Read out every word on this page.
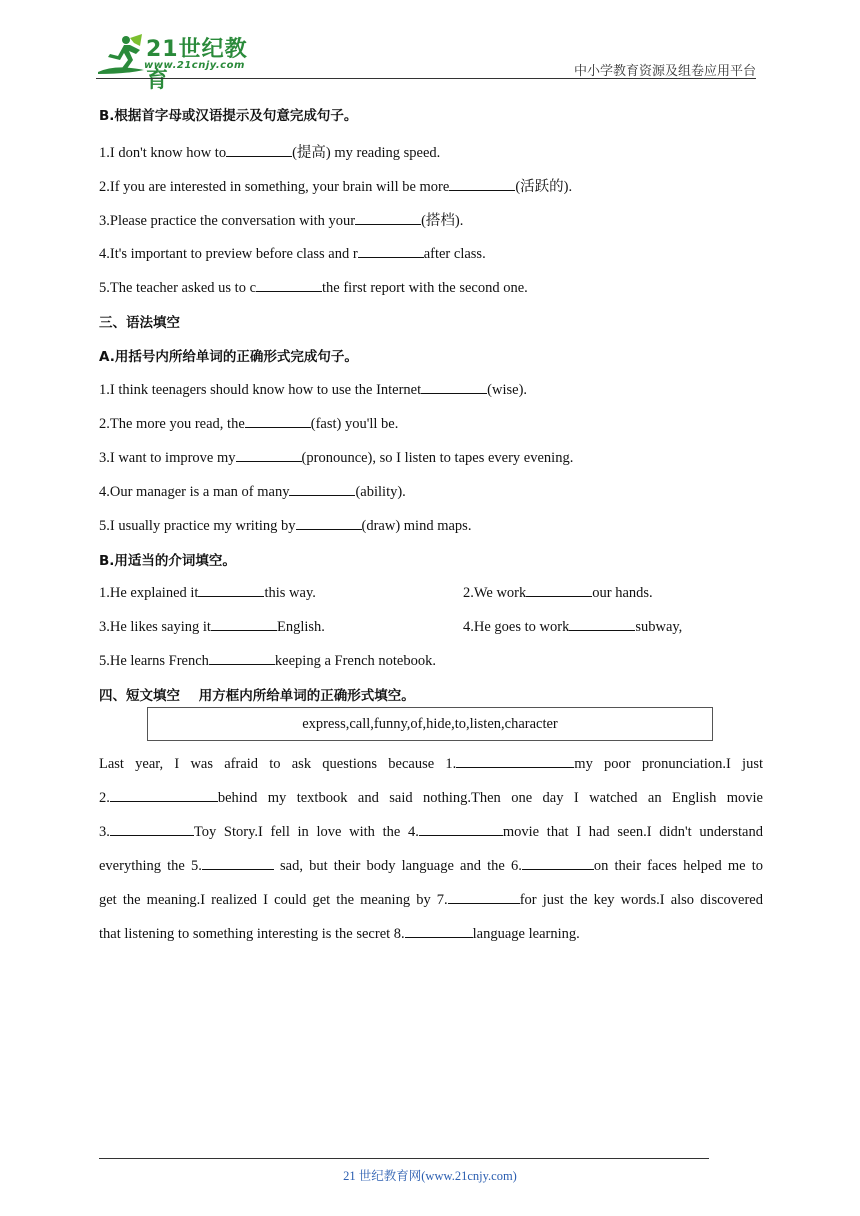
21世纪教育
www.21cnjy.com	中小学教育资源及组卷应用平台
B.根据首字母或汉语提示及句意完成句子。
1.I don't know how to	(提高) my reading speed.
2.If you are interested in something, your brain will be more	(活跃的).
3.Please practice the conversation with your	(搭档).
4.It's important to preview before class and r	after class.
5.The teacher asked us to c	the first report with the second one.
三、语法填空
A.用括号内所给单词的正确形式完成句子。
1.I think teenagers should know how to use the Internet	(wise).
2.The more you read, the	(fast) you'll be.
3.I want to improve my	(pronounce), so I listen to tapes every evening.
4.Our manager is a man of many	(ability).
5.I usually practice my writing by	(draw) mind maps.
B.用适当的介词填空。
1.He explained it	this way.	2.We work	our hands.
3.He likes saying it	English.	4.He goes to work	subway,
5.He learns French	keeping a French notebook.
四、短文填空    用方框内所给单词的正确形式填空。
express,call,funny,of,hide,to,listen,character
Last  year,  I  was  afraid  to  ask  questions  because  1.	my  poor  pronunciation.I  just
2.	behind  my  textbook  and  said  nothing.Then  one  day  I  watched  an  English  movie
3.	Toy Story.I fell in love with the 4.	movie that I had seen.I didn't understand
everything the 5.	sad, but their body language and the 6.	on their faces helped me to
get the meaning.I realized I could get the meaning by 7.	for just the key words.I also discovered
that listening to something interesting is the secret 8.	language learning.
21 世纪教育网(www.21cnjy.com)
